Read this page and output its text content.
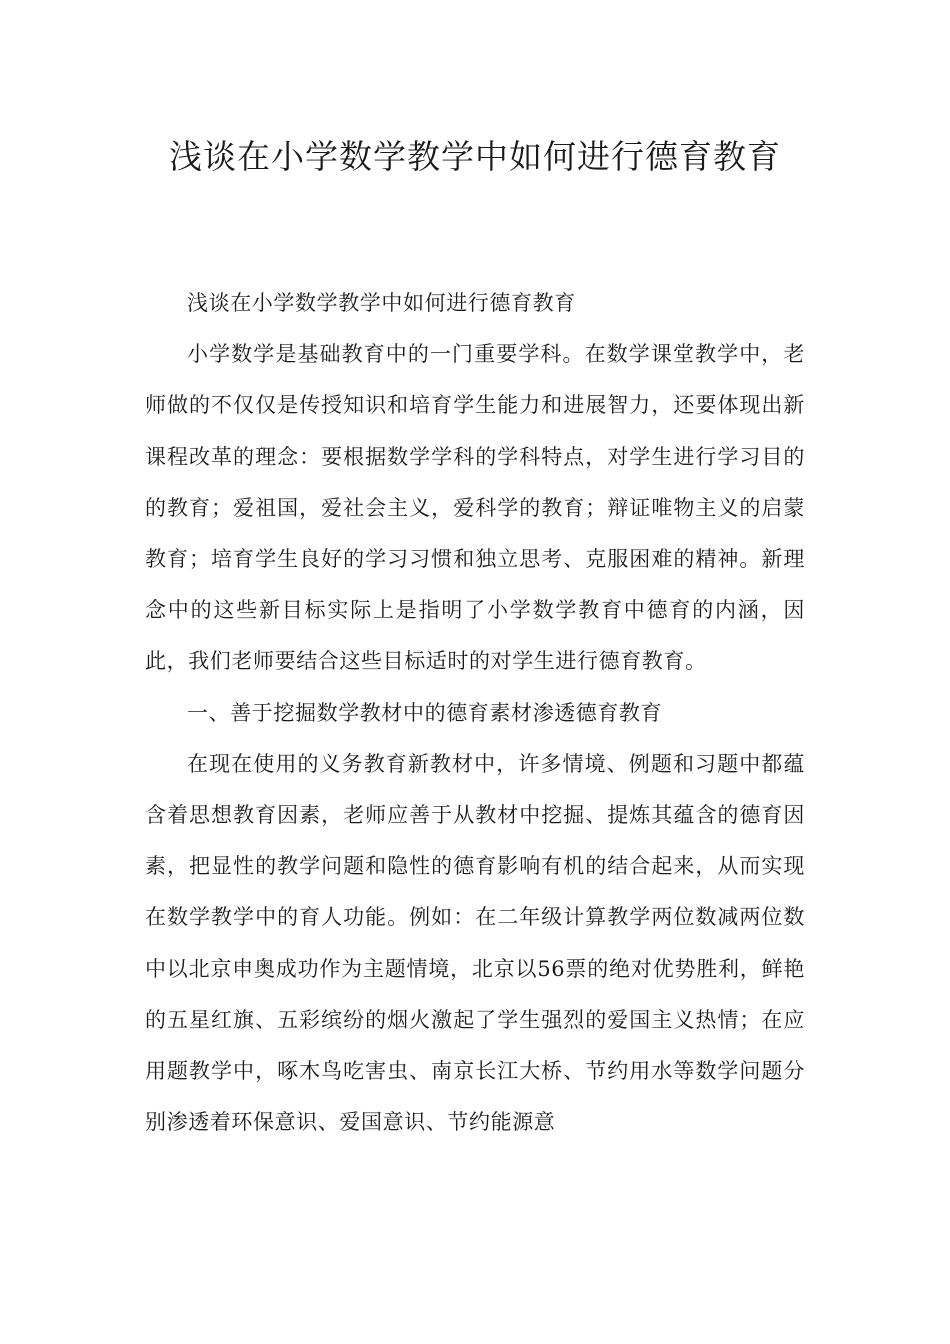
浅谈在小学数学教学中如何进行德育教育

浅谈在小学数学教学中如何进行德育教育

小学数学是基础教育中的一门重要学科。在数学课堂教学中，老师做的不仅仅是传授知识和培育学生能力和进展智力，还要体现出新课程改革的理念：要根据数学学科的学科特点，对学生进行学习目的的教育；爱祖国，爱社会主义，爱科学的教育；辩证唯物主义的启蒙教育；培育学生良好的学习习惯和独立思考、克服困难的精神。新理念中的这些新目标实际上是指明了小学数学教育中德育的内涵，因此，我们老师要结合这些目标适时的对学生进行德育教育。

一、善于挖掘数学教材中的德育素材渗透德育教育

在现在使用的义务教育新教材中，许多情境、例题和习题中都蕴含着思想教育因素，老师应善于从教材中挖掘、提炼其蕴含的德育因素，把显性的教学问题和隐性的德育影响有机的结合起来，从而实现在数学教学中的育人功能。例如：在二年级计算教学两位数减两位数中以北京申奥成功作为主题情境，北京以56票的绝对优势胜利，鲜艳的五星红旗、五彩缤纷的烟火激起了学生强烈的爱国主义热情；在应用题教学中，啄木鸟吃害虫、南京长江大桥、节约用水等数学问题分别渗透着环保意识、爱国意识、节约能源意
